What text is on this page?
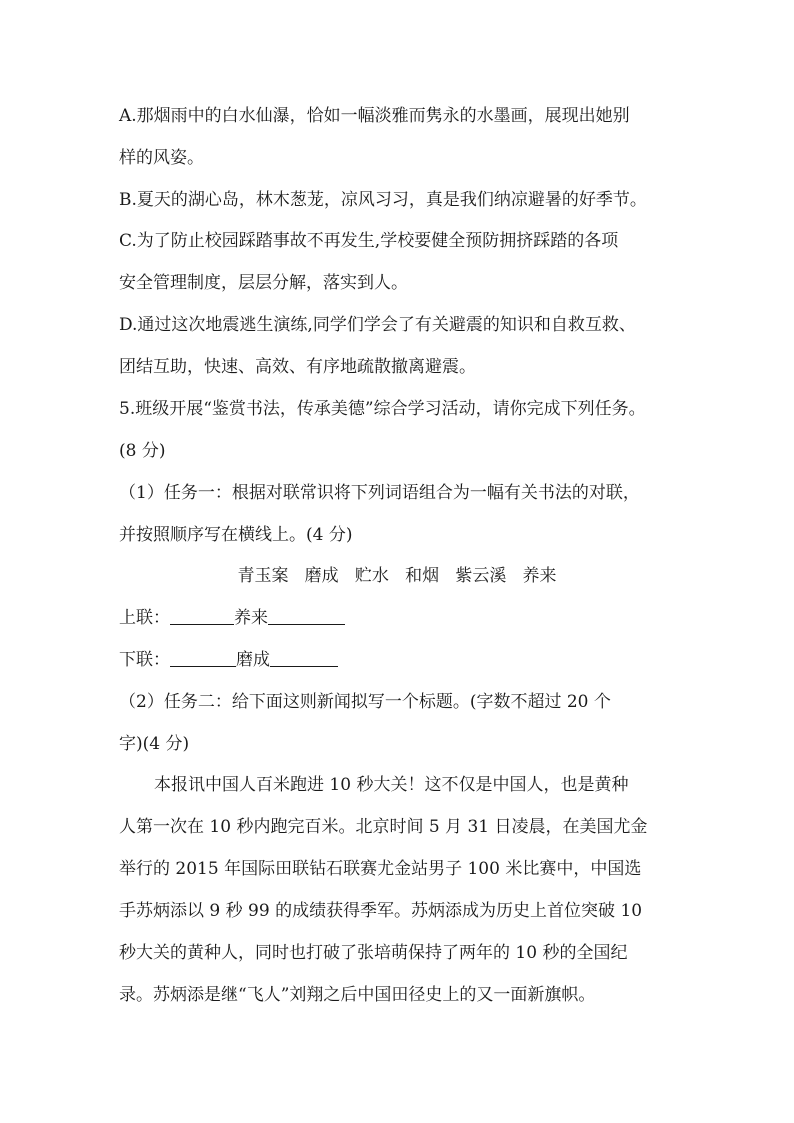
A.那烟雨中的白水仙瀑，恰如一幅淡雅而隽永的水墨画，展现出她别
样的风姿。
B.夏天的湖心岛，林木葱茏，凉风习习，真是我们纳凉避暑的好季节。
C.为了防止校园踩踏事故不再发生,学校要健全预防拥挤踩踏的各项
安全管理制度，层层分解，落实到人。
D.通过这次地震逃生演练,同学们学会了有关避震的知识和自救互救、
团结互助，快速、高效、有序地疏散撤离避震。
5.班级开展“鉴赏书法，传承美德”综合学习活动，请你完成下列任务。
(8 分)
（1）任务一：根据对联常识将下列词语组合为一幅有关书法的对联，
并按照顺序写在横线上。(4 分)
青玉案   磨成   贮水   和烟   紫云溪   养来
上联：	养来
下联：	磨成
（2）任务二：给下面这则新闻拟写一个标题。(字数不超过 20 个
字)(4 分)
本报讯中国人百米跑进 10 秒大关！这不仅是中国人，也是黄种
人第一次在 10 秒内跑完百米。北京时间 5 月 31 日凌晨，在美国尤金
举行的 2015 年国际田联钻石联赛尤金站男子 100 米比赛中，中国选
手苏炳添以 9 秒 99 的成绩获得季军。苏炳添成为历史上首位突破 10
秒大关的黄种人，同时也打破了张培萌保持了两年的 10 秒的全国纪
录。苏炳添是继“飞人”刘翔之后中国田径史上的又一面新旗帜。
